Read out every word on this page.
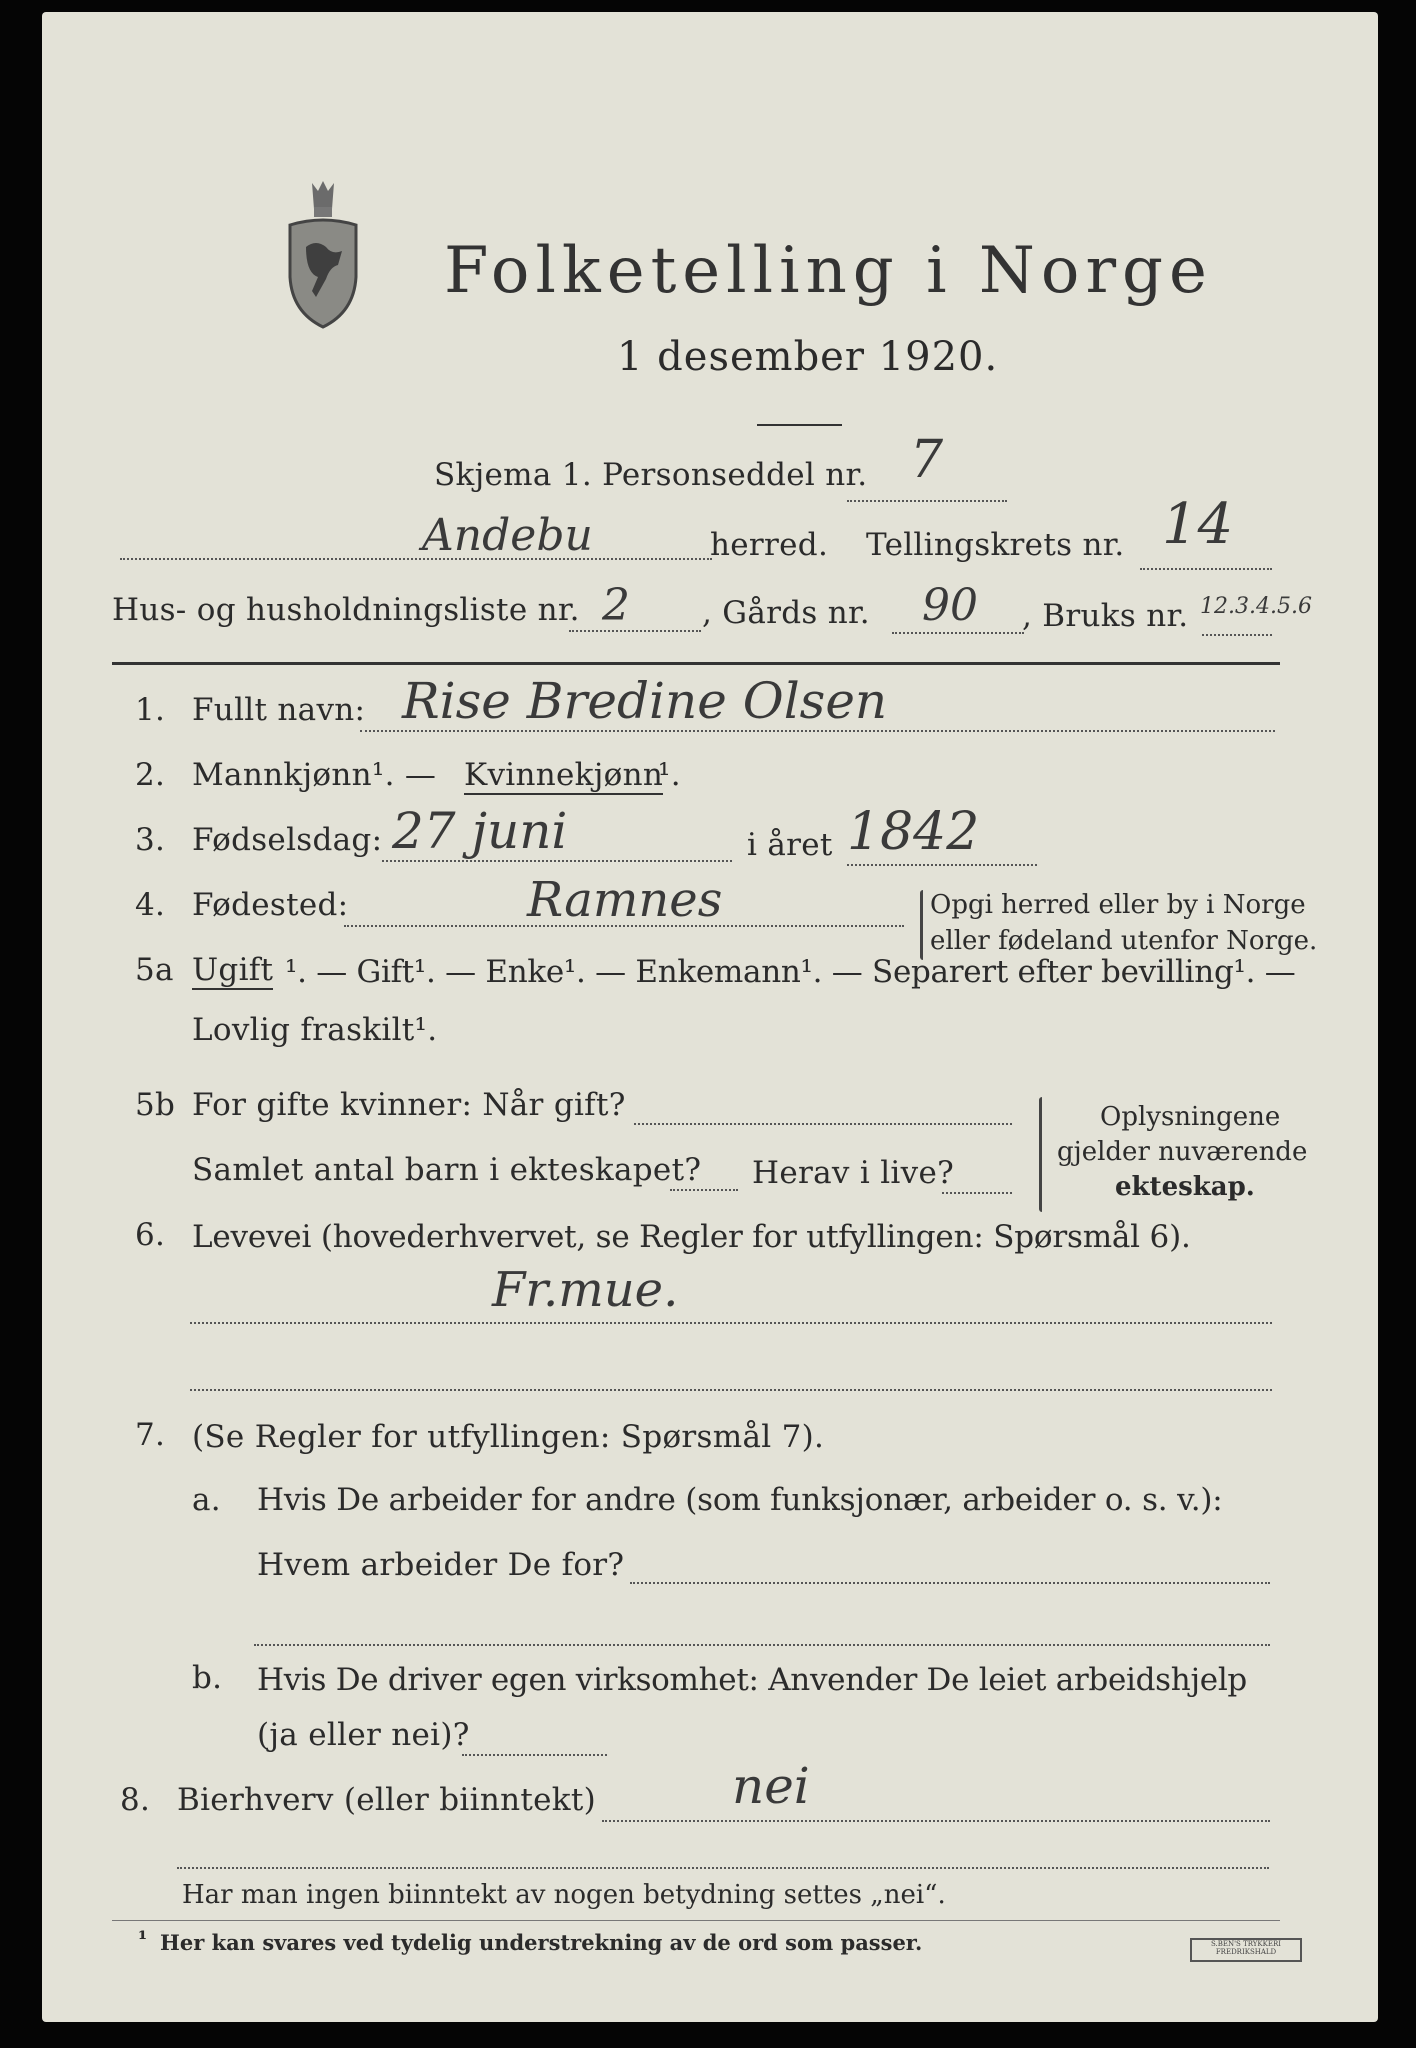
Folketelling i Norge
1 desember 1920.
Skjema 1. Personseddel nr. 7
Andebu	herred. Tellingskrets nr. 14
Hus- og husholdningsliste nr. 2 , Gårds nr. 90 , Bruks nr. 12.3.4.5.6
1. Fullt navn: Rise Bredine Olsen
2. Mannkjønn¹. — Kvinnekjønn
¹.
3. Fødselsdag: 27 juni	i året 1842
4. Fødested:	Ramnes	Opgi herred eller by i Norge
eller fødeland utenfor Norge.
5a Ugift ¹. — Gift¹. — Enke¹. — Enkemann¹. — Separert efter bevilling¹. —
Lovlig fraskilt¹.
5b For gifte kvinner: Når gift?
Samlet antal barn i ekteskapet? Herav i live?
Oplysningene
gjelder nuværende
ekteskap.
6. Levevei (hovederhvervet, se Regler for utfyllingen: Spørsmål 6).
Fr.mue.
7. (Se Regler for utfyllingen: Spørsmål 7).
a. Hvis De arbeider for andre (som funksjonær, arbeider o. s. v.):
Hvem arbeider De for?
b. Hvis De driver egen virksomhet: Anvender De leiet arbeidshjelp
(ja eller nei)?
8. Bierhverv (eller biinntekt)	nei
Har man ingen biinntekt av nogen betydning settes „nei“.
¹ Her kan svares ved tydelig understrekning av de ord som passer.	S.BEN'S TRYKKERI FREDRIKSHALD
